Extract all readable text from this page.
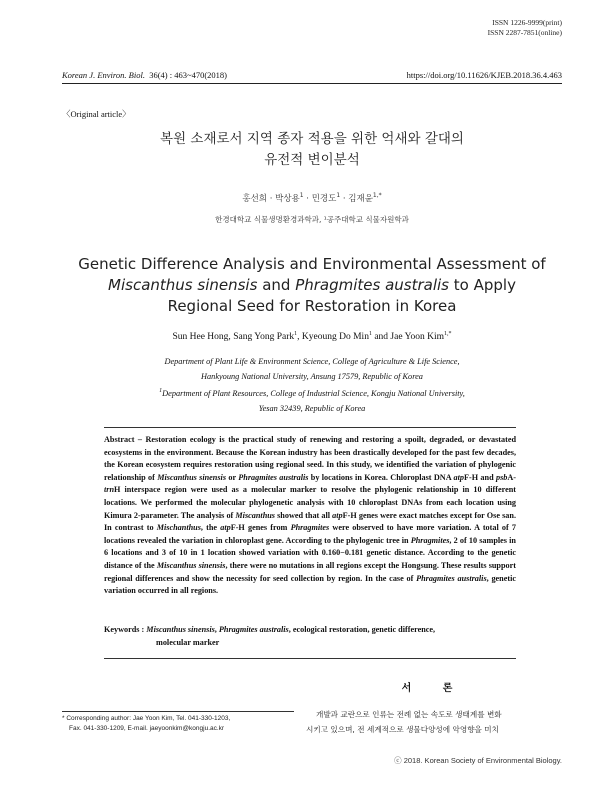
ISSN 1226-9999(print)
ISSN 2287-7851(online)
Korean J. Environ. Biol. 36(4) : 463~470(2018)	https://doi.org/10.11626/KJEB.2018.36.4.463
〈Original article〉
복원 소재로서 지역 종자 적용을 위한 억새와 갈대의
유전적 변이분석
홍선희 · 박상용$^1$ · 민경도$^1$ · 김재윤$^{1,*}$
한경대학교 식물생명환경과학과, ¹공주대학교 식물자원학과
Genetic Difference Analysis and Environmental Assessment of
Miscanthus sinensis and Phragmites australis to Apply
Regional Seed for Restoration in Korea
Sun Hee Hong, Sang Yong Park$^1$, Kyeoung Do Min$^1$ and Jae Yoon Kim$^{1,*}$
Department of Plant Life & Environment Science, College of Agriculture & Life Science,
Hankyoung National University, Ansung 17579, Republic of Korea
$^1$Department of Plant Resources, College of Industrial Science, Kongju National University,
Yesan 32439, Republic of Korea
Abstract – Restoration ecology is the practical study of renewing and restoring a spoilt, degraded, or devastated ecosystems in the environment. Because the Korean industry has been drastically developed for the past few decades, the Korean ecosystem requires restoration using regional seed. In this study, we identified the variation of phylogenic relationship of Miscanthus sinensis or Phragmites australis by locations in Korea. Chloroplast DNA atpF-H and psbA-trnH interspace region were used as a molecular marker to resolve the phylogenic relationship in 10 different locations. We performed the molecular phylogenetic analysis with 10 chloroplast DNAs from each location using Kimura 2-parameter. The analysis of Miscanthus showed that all atpF-H genes were exact matches except for Ose san. In contrast to Mischanthus, the atpF-H genes from Phragmites were observed to have more variation. A total of 7 locations revealed the variation in chloroplast gene. According to the phylogenic tree in Phragmites, 2 of 10 samples in 6 locations and 3 of 10 in 1 location showed variation with 0.160−0.181 genetic distance. According to the genetic distance of the Miscanthus sinensis, there were no mutations in all regions except the Hongsung. These results support regional differences and show the necessity for seed collection by region. In the case of Phragmites australis, genetic variation occurred in all regions.
Keywords : Miscanthus sinensis, Phragmites australis, ecological restoration, genetic difference,
molecular marker
서 론
* Corresponding author: Jae Yoon Kim, Tel. 041-330-1203,
Fax. 041-330-1209, E-mail. jaeyoonkim@kongju.ac.kr
개발과 교란으로 인류는 전례 없는 속도로 생태계를 변화
시키고 있으며, 전 세계적으로 생물다양성에 악영향을 미치
ⓒ 2018. Korean Society of Environmental Biology.
